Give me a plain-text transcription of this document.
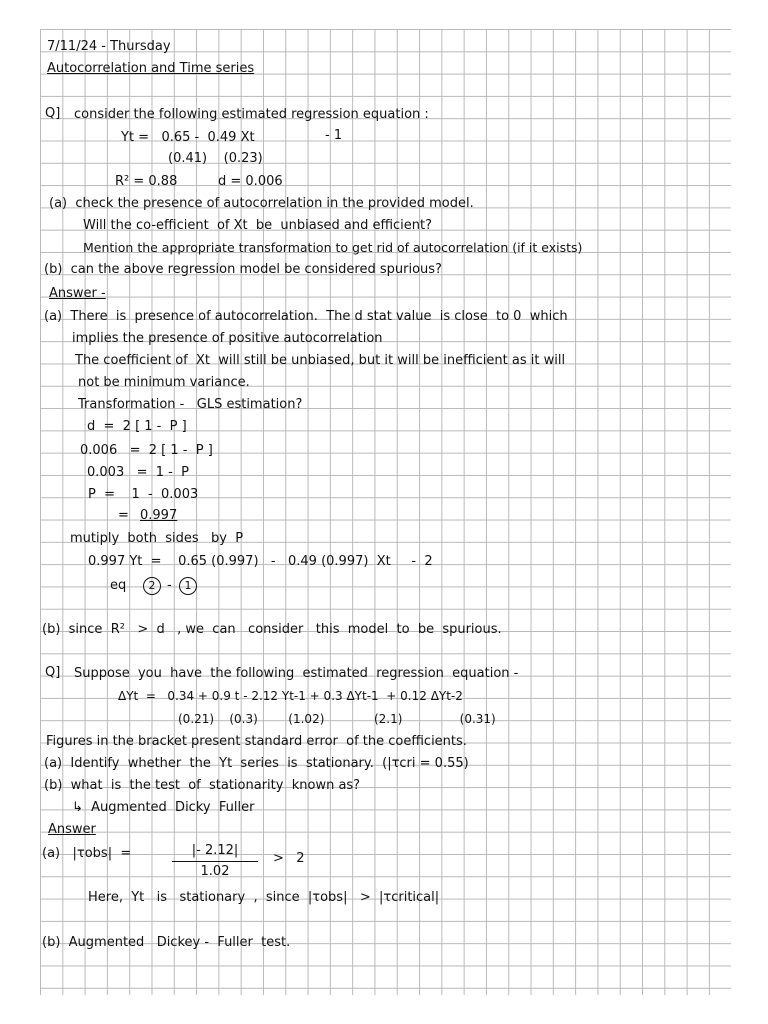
7/11/24 - Thursday
Autocorrelation and Time series
Q] consider the following estimated regression equation :
Yt =   0.65 -  0.49 Xt	- 1
(0.41)    (0.23)
R² = 0.88	d = 0.006
(a)  check the presence of autocorrelation in the provided model.
Will the co-efficient  of Xt  be  unbiased and efficient?
Mention the appropriate transformation to get rid of autocorrelation (if it exists)
(b)  can the above regression model be considered spurious?
Answer -
(a)  There  is  presence of autocorrelation.  The d stat value  is close  to 0  which
implies the presence of positive autocorrelation
The coefficient of  Xt  will still be unbiased, but it will be inefficient as it will
not be minimum variance.
Transformation -   GLS estimation?
d  =  2 [ 1 -  P ]
0.006   =  2 [ 1 -  P ]
0.003   =  1 -  P
P  =    1  -  0.003
= 0.997
mutiply  both  sides   by  P
0.997 Yt  =    0.65 (0.997)   -   0.49 (0.997)  Xt     -  2
eq	2 -	1
(b)  since  R²   >  d   , we  can   consider   this  model  to  be  spurious.
Q] Suppose  you  have  the following  estimated  regression  equation -
ΔYt  =   0.34 + 0.9 t - 2.12 Yt-1 + 0.3 ΔYt-1  + 0.12 ΔYt-2
(0.21)    (0.3)        (1.02)             (2.1)               (0.31)
Figures in the bracket present standard error  of the coefficients.
(a)  Identify  whether  the  Yt  series  is  stationary.  (|τcri = 0.55)
(b)  what  is  the test  of  stationarity  known as?
↳  Augmented  Dicky  Fuller
Answer
(a)   |τobs|  =	|- 2.12|
1.02
>   2
Here,  Yt   is   stationary  ,  since  |τobs|   >  |τcritical|
(b)  Augmented   Dickey -  Fuller  test.
